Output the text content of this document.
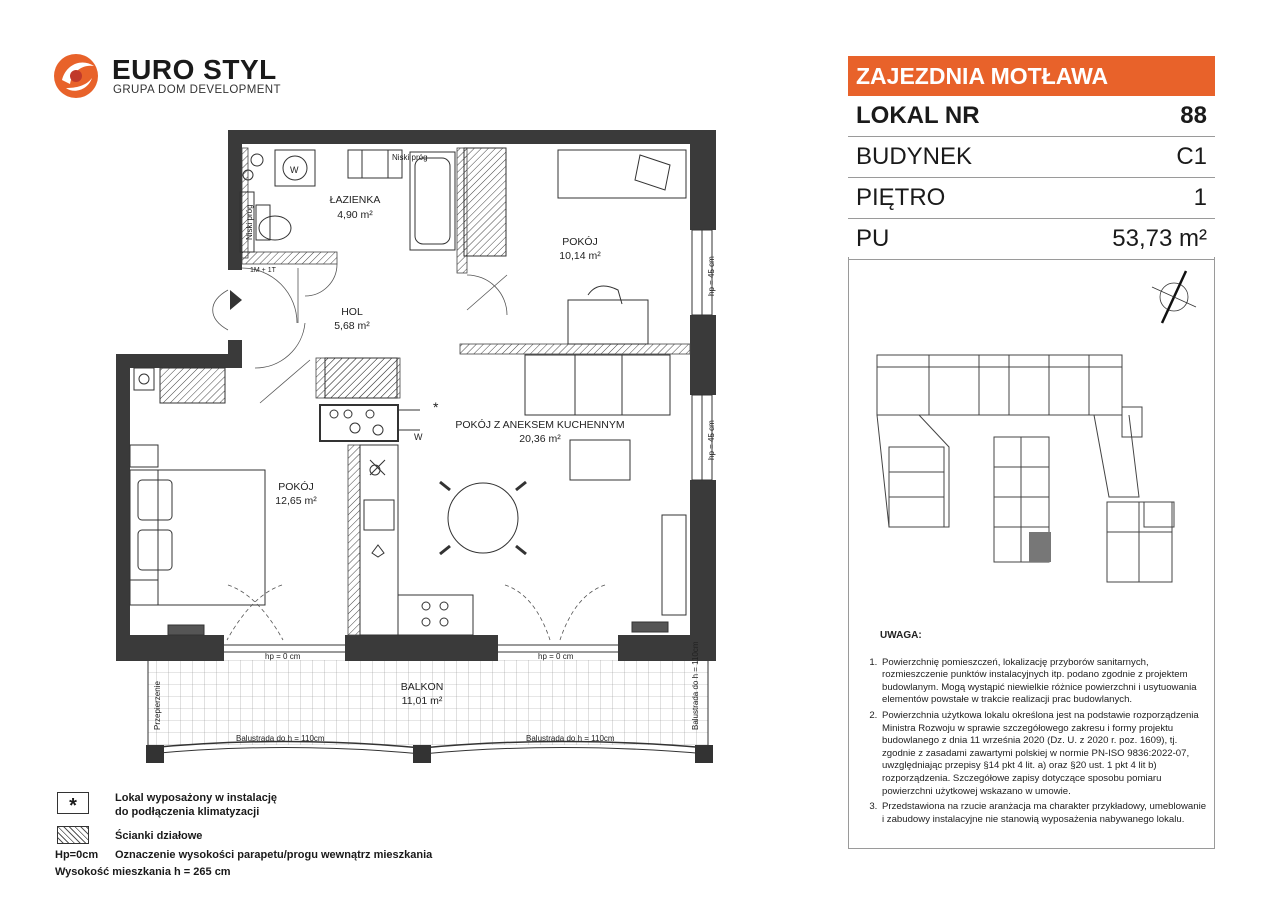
EURO STYL
GRUPA DOM DEVELOPMENT
ŁAZIENKA
4,90 m²
POKÓJ
10,14 m²
HOL
5,68 m²
POKÓJ Z ANEKSEM KUCHENNYM
20,36 m²
POKÓJ
12,65 m²
BALKON
11,01 m²
Niski próg
Niski próg
1M + 1T	hp = 45 cm
hp = 45 cm
hp = 0 cm	hp = 0 cm
Przepierzenie
Balustrada do h = 110cm	Balustrada do h = 110cm
Balustrada do h = 110cm
W
W
*
ZAJEZDNIA MOTŁAWA
LOKAL NR	88
BUDYNEK	C1
PIĘTRO	1
PU	53,73 m²
UWAGA:
1. Powierzchnię pomieszczeń, lokalizację przyborów sanitarnych, rozmieszczenie punktów instalacyjnych itp. podano zgodnie z projektem budowlanym. Mogą wystąpić niewielkie różnice powierzchni i usytuowania elementów powstałe w trakcie realizacji prac budowlanych.
2. Powierzchnia użytkowa lokalu określona jest na podstawie rozporządzenia Ministra Rozwoju w sprawie szczegółowego zakresu i formy projektu budowlanego z dnia 11 września 2020 (Dz. U. z 2020 r. poz. 1609), tj. zgodnie z zasadami zawartymi polskiej w normie PN-ISO 9836:2022-07, uwzględniając przepisy §14 pkt 4 lit. a) oraz §20 ust. 1 pkt 4 lit b) rozporządzenia. Szczegółowe zapisy dotyczące sposobu pomiaru powierzchni użytkowej wskazano w umowie.
3. Przedstawiona na rzucie aranżacja ma charakter przykładowy, umeblowanie i zabudowy instalacyjne nie stanowią wyposażenia nabywanego lokalu.
*	Lokal wyposażony w instalację
do podłączenia klimatyzacji
Ścianki działowe
Hp=0cm Oznaczenie wysokości parapetu/progu wewnątrz mieszkania
Wysokość mieszkania h = 265 cm
